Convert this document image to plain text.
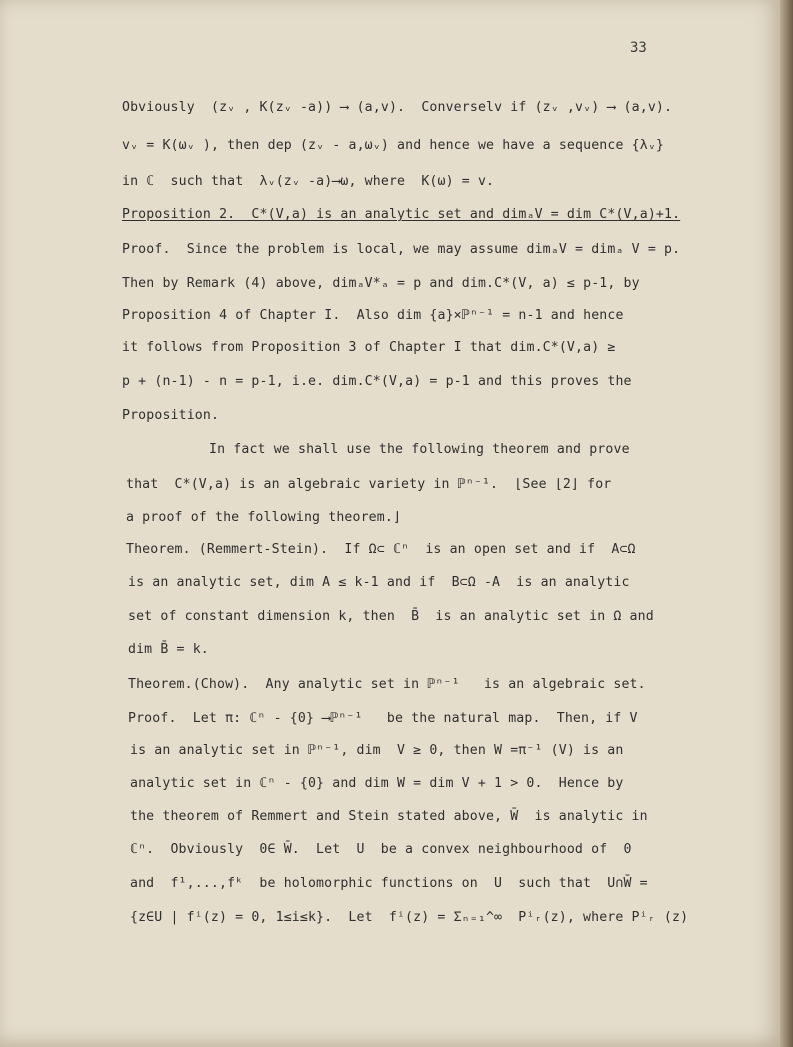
33
Obviously  (zᵥ , K(zᵥ -a)) ⟶ (a,v).  Converselv if (zᵥ ,vᵥ) ⟶ (a,v).
vᵥ = K(ωᵥ ), then dep (zᵥ - a,ωᵥ) and hence we have a sequence {λᵥ}
in ℂ  such that  λᵥ(zᵥ -a)⟶ω, where  K(ω) = v.
Proposition 2.  C*(V,a) is an analytic set and dimₐV = dim C*(V,a)+1.
Proof.  Since the problem is local, we may assume dimₐV = dimₐ V = p.
Then by Remark (4) above, dimₐV*ₐ = p and dim.C*(V, a) ≤ p-1, by
Proposition 4 of Chapter I.  Also dim {a}×ℙⁿ⁻¹ = n-1 and hence
it follows from Proposition 3 of Chapter I that dim.C*(V,a) ≥
p + (n-1) - n = p-1, i.e. dim.C*(V,a) = p-1 and this proves the
Proposition.
In fact we shall use the following theorem and prove
that  C*(V,a) is an algebraic variety in ℙⁿ⁻¹.  ⌊See ⌊2⌋ for
a proof of the following theorem.⌋
Theorem. (Remmert-Stein).  If Ω⊂ ℂⁿ  is an open set and if  A⊂Ω
is an analytic set, dim A ≤ k-1 and if  B⊂Ω -A  is an analytic
set of constant dimension k, then  B̄  is an analytic set in Ω and
dim B̄ = k.
Theorem.(Chow).  Any analytic set in ℙⁿ⁻¹   is an algebraic set.
Proof.  Let π: ℂⁿ - {0} ⟶ℙⁿ⁻¹   be the natural map.  Then, if V
is an analytic set in ℙⁿ⁻¹, dim  V ≥ 0, then W =π⁻¹ (V) is an
analytic set in ℂⁿ - {0} and dim W = dim V + 1 > 0.  Hence by
the theorem of Remmert and Stein stated above, W̄  is analytic in
ℂⁿ.  Obviously  0∈ W̄.  Let  U  be a convex neighbourhood of  0
and  f¹,...,fᵏ  be holomorphic functions on  U  such that  U∩W̄ =
{z∈U | fⁱ(z) = 0, 1≤i≤k}.  Let  fⁱ(z) = Σₙ₌₁^∞  Pⁱᵣ(z), where Pⁱᵣ (z)
